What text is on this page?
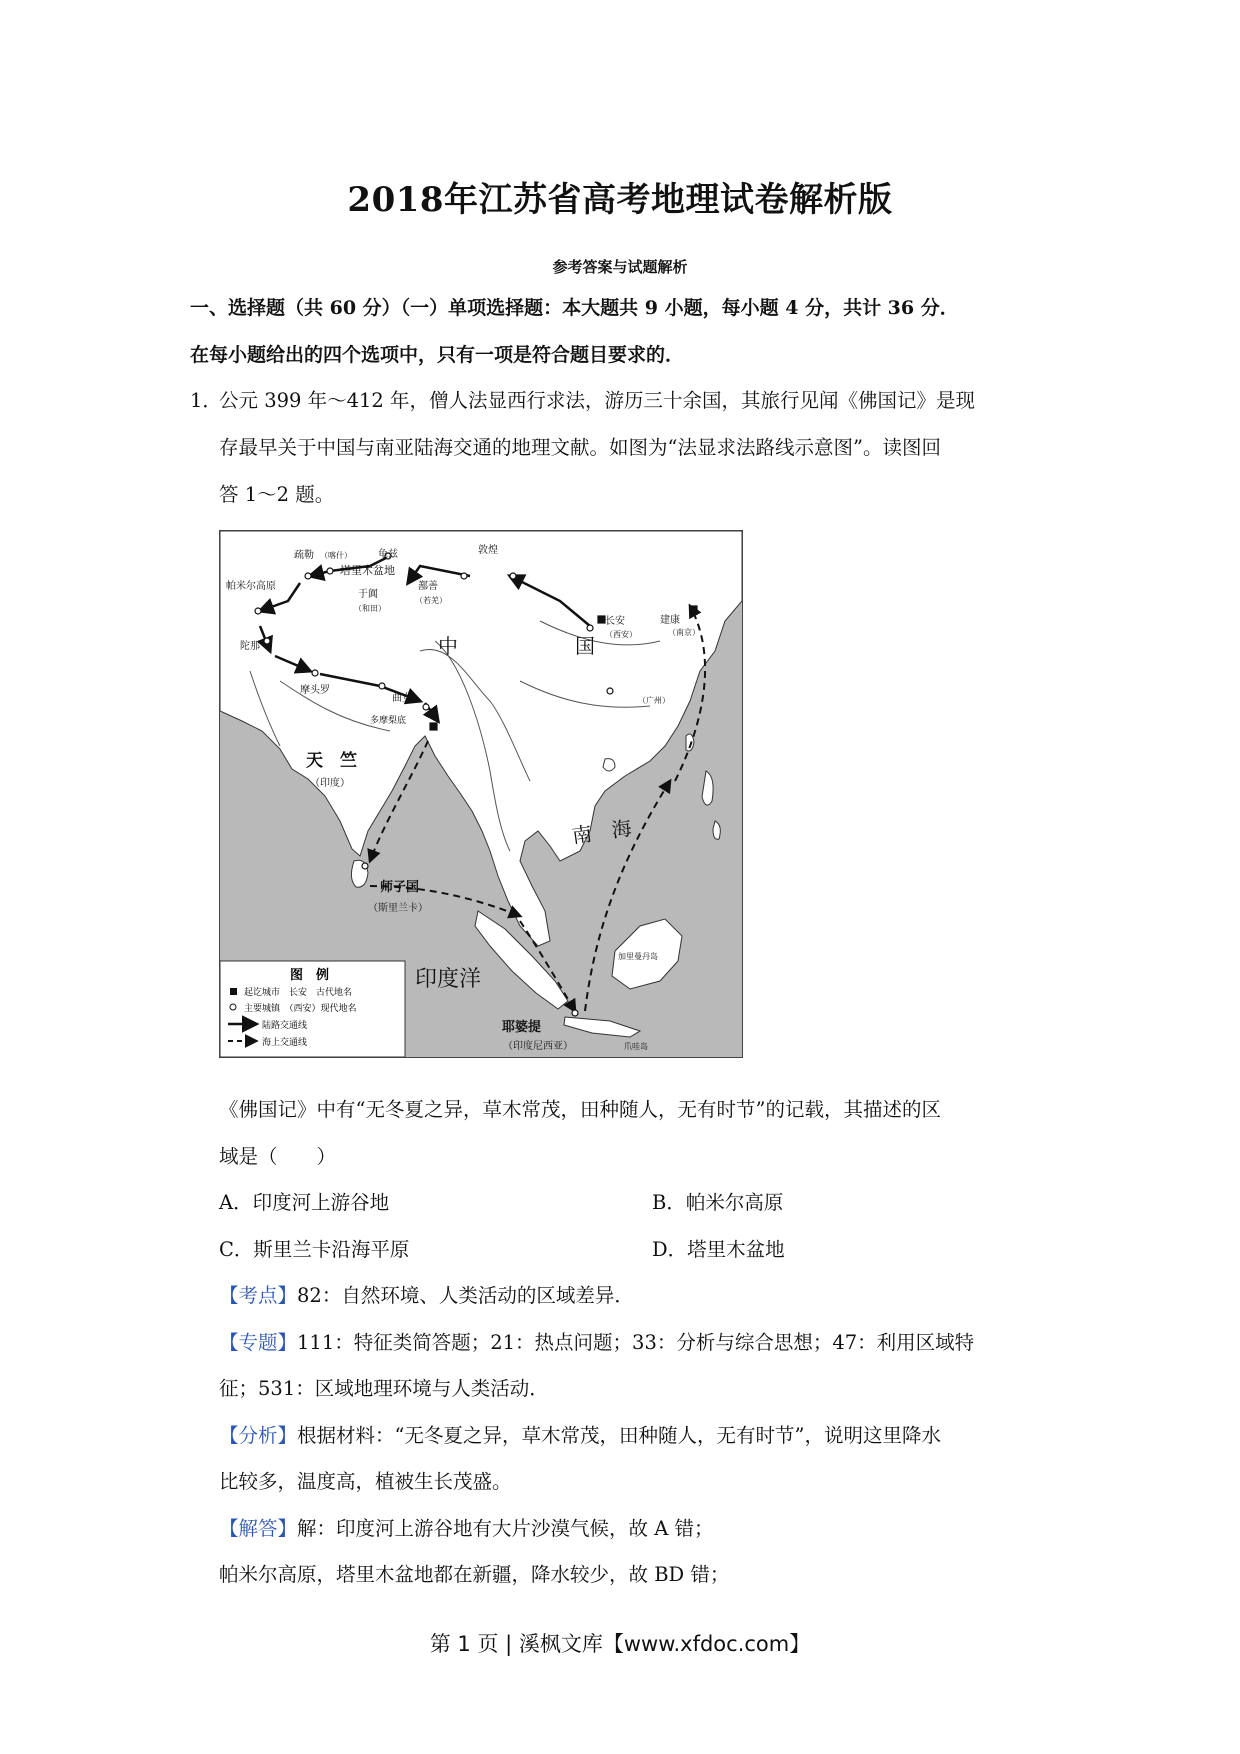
2018年江苏省高考地理试卷解析版
参考答案与试题解析
一、选择题（共 60 分）（一）单项选择题：本大题共 9 小题，每小题 4 分，共计 36 分．
在每小题给出的四个选项中，只有一项是符合题目要求的．
1．
公元 399 年～412 年，僧人法显西行求法，游历三十余国，其旅行见闻《佛国记》是现
存最早关于中国与南亚陆海交通的地理文献。如图为“法显求法路线示意图”。读图回
答 1～2 题。
帕米尔高原
疏勒 （喀什）	龟兹
塔里木盆地
于阗
（和田）
敦煌
鄯善
（若羌）
长安
（西安）
建康
（南京）
（广州）
中	国
天　竺
（印度）
陀那
摩头罗
曲女
多摩梨底
师子国
（斯里兰卡）
南　海
加里曼丹岛
印度洋
耶婆提
（印度尼西亚）	爪哇岛
图　例
起讫城市　长安　古代地名
主要城镇　（西安）现代地名
陆路交通线
海上交通线
《佛国记》中有“无冬夏之异，草木常茂，田种随人，无有时节”的记载，其描述的区
域是（　　）
A．印度河上游谷地	B．帕米尔高原
C．斯里兰卡沿海平原	D．塔里木盆地
【考点】82：自然环境、人类活动的区域差异．
【专题】111：特征类简答题；21：热点问题；33：分析与综合思想；47：利用区域特
征；531：区域地理环境与人类活动．
【分析】根据材料：“无冬夏之异，草木常茂，田种随人，无有时节”，说明这里降水
比较多，温度高，植被生长茂盛。
【解答】解：印度河上游谷地有大片沙漠气候，故 A 错；
帕米尔高原，塔里木盆地都在新疆，降水较少，故 BD 错；
第 1 页 | 溪枫文库【www.xfdoc.com】
